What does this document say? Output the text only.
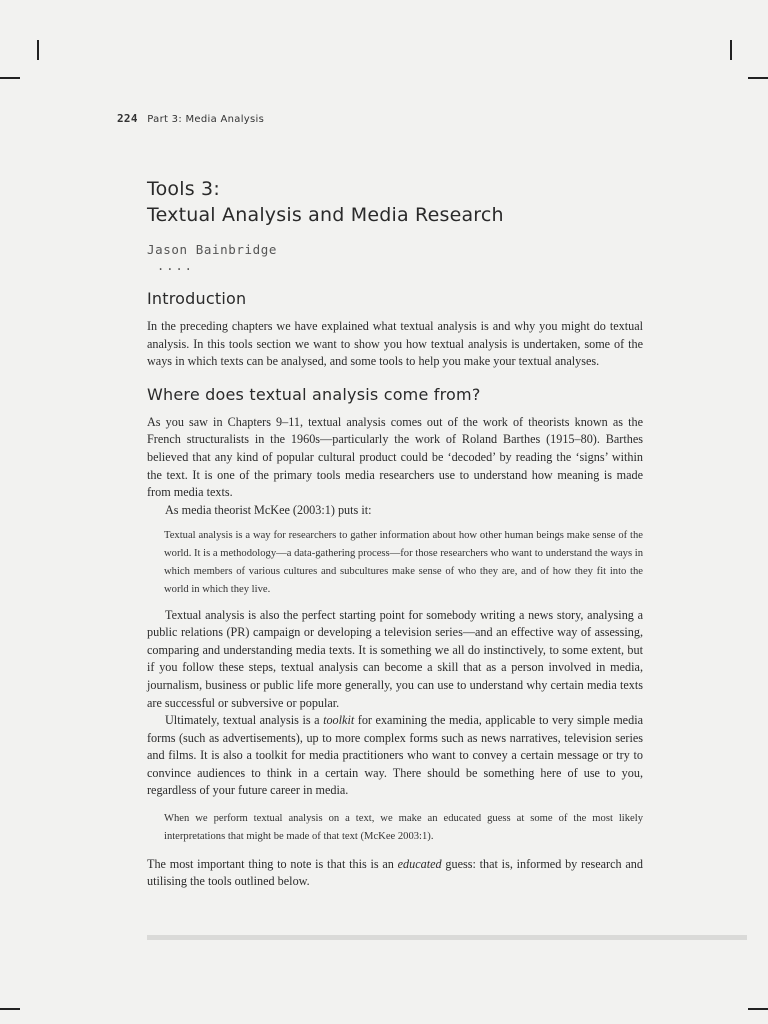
224 Part 3: Media Analysis
Tools 3:
Textual Analysis and Media Research
Jason Bainbridge
....
Introduction

In the preceding chapters we have explained what textual analysis is and why you might do textual analysis. In this tools section we want to show you how textual analysis is undertaken, some of the ways in which texts can be analysed, and some tools to help you make your textual analyses.

Where does textual analysis come from?

As you saw in Chapters 9–11, textual analysis comes out of the work of theorists known as the French structuralists in the 1960s—particularly the work of Roland Barthes (1915–80). Barthes believed that any kind of popular cultural product could be ‘decoded’ by reading the ‘signs’ within the text. It is one of the primary tools media researchers use to understand how meaning is made from media texts.

As media theorist McKee (2003:1) puts it:

Textual analysis is a way for researchers to gather information about how other human beings make sense of the world. It is a methodology—a data-gathering process—for those researchers who want to understand the ways in which members of various cultures and subcultures make sense of who they are, and of how they fit into the world in which they live.

Textual analysis is also the perfect starting point for somebody writing a news story, analysing a public relations (PR) campaign or developing a television series—and an effective way of assessing, comparing and understanding media texts. It is something we all do instinctively, to some extent, but if you follow these steps, textual analysis can become a skill that as a person involved in media, journalism, business or public life more generally, you can use to understand why certain media texts are successful or subversive or popular.

Ultimately, textual analysis is a toolkit for examining the media, applicable to very simple media forms (such as advertisements), up to more complex forms such as news narratives, television series and films. It is also a toolkit for media practitioners who want to convey a certain message or try to convince audiences to think in a certain way. There should be something here of use to you, regardless of your future career in media.

When we perform textual analysis on a text, we make an educated guess at some of the most likely interpretations that might be made of that text (McKee 2003:1).

The most important thing to note is that this is an educated guess: that is, informed by research and utilising the tools outlined below.
